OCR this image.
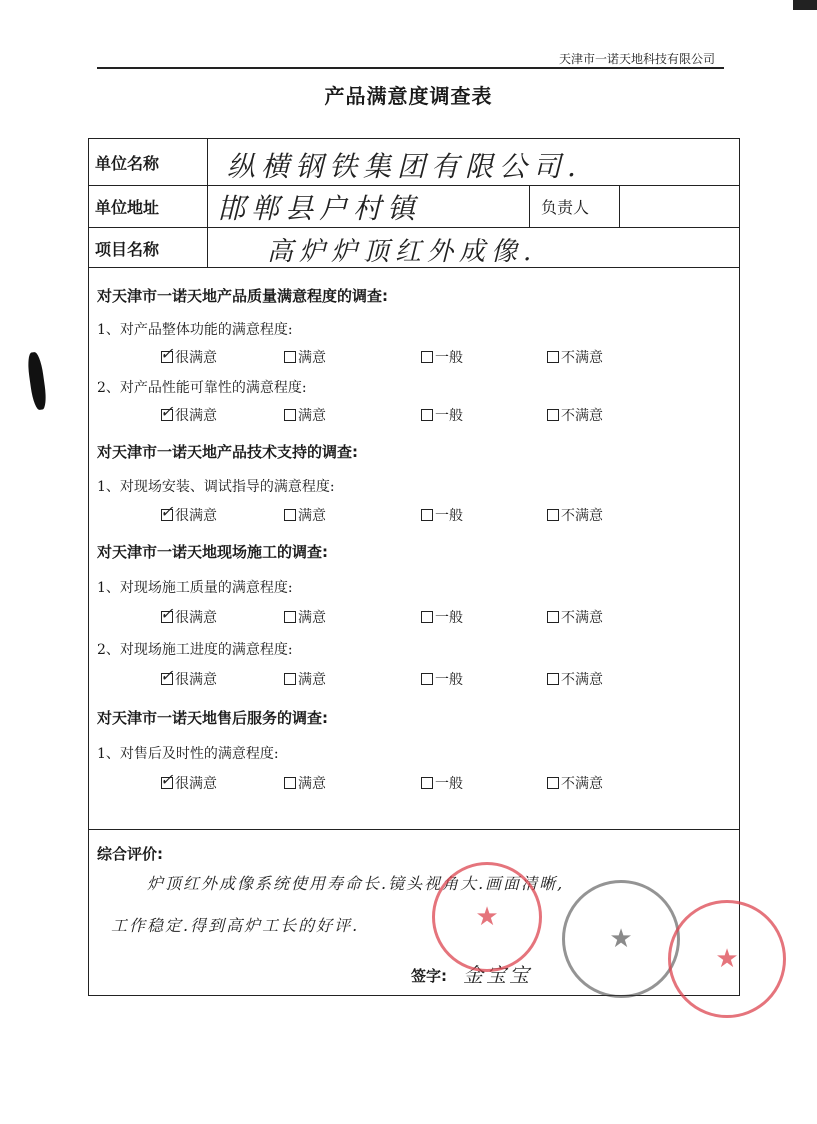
天津市一诺天地科技有限公司
产品满意度调查表
单位名称 纵横钢铁集团有限公司.
单位地址 邯郸县户村镇	负责人
项目名称	高炉炉顶红外成像.
对天津市一诺天地产品质量满意程度的调查:
1、对产品整体功能的满意程度:
✓ 很满意	满意	一般	不满意
2、对产品性能可靠性的满意程度:
✓ 很满意	满意	一般	不满意
对天津市一诺天地产品技术支持的调查:
1、对现场安装、调试指导的满意程度:
✓ 很满意	满意	一般	不满意
对天津市一诺天地现场施工的调查:
1、对现场施工质量的满意程度:
✓ 很满意	满意	一般	不满意
2、对现场施工进度的满意程度:
✓ 很满意	满意	一般	不满意
对天津市一诺天地售后服务的调查:
1、对售后及时性的满意程度:
✓ 很满意	满意	一般	不满意
综合评价:
炉顶红外成像系统使用寿命长.镜头视角大.画面清晰,
工作稳定.得到高炉工长的好评.
签字: 金宝宝
★
★
★
